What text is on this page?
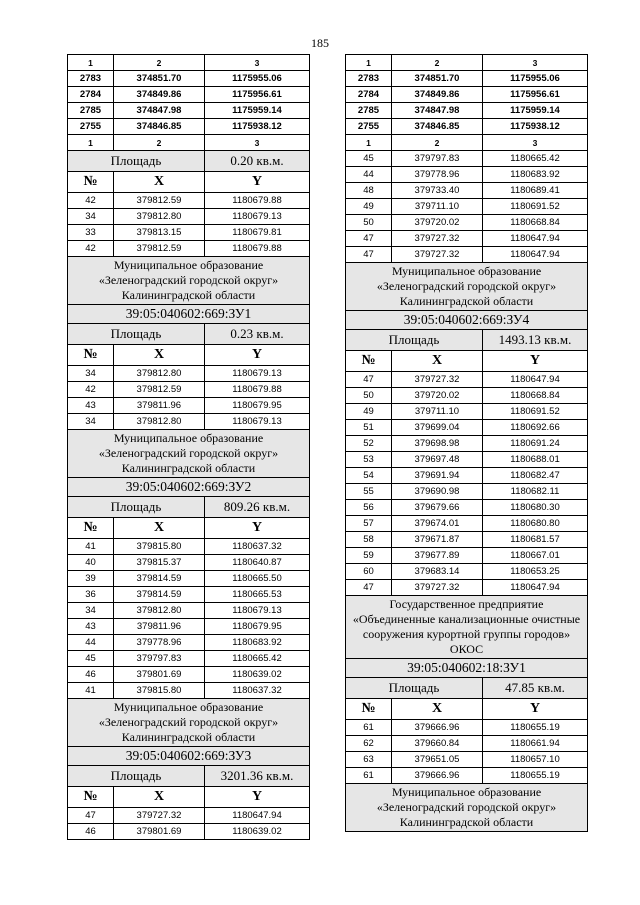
185
1	2	3
2783	374851.70	1175955.06
2784	374849.86	1175956.61
2785	374847.98	1175959.14
2755	374846.85	1175938.12
1	2	3
Площадь		0.20 кв.м.
№	X	Y
42	379812.59	1180679.88
34	379812.80	1180679.13
33	379813.15	1180679.81
42	379812.59	1180679.88
Муниципальное образование «Зеленоградский городской округ» Калининградской области		
39:05:040602:669:ЗУ1		
Площадь		0.23 кв.м.
№	X	Y
34	379812.80	1180679.13
42	379812.59	1180679.88
43	379811.96	1180679.95
34	379812.80	1180679.13
Муниципальное образование «Зеленоградский городской округ» Калининградской области		
39:05:040602:669:ЗУ2		
Площадь		809.26 кв.м.
№	X	Y
41	379815.80	1180637.32
40	379815.37	1180640.87
39	379814.59	1180665.50
36	379814.59	1180665.53
34	379812.80	1180679.13
43	379811.96	1180679.95
44	379778.96	1180683.92
45	379797.83	1180665.42
46	379801.69	1180639.02
41	379815.80	1180637.32
Муниципальное образование «Зеленоградский городской округ» Калининградской области		
39:05:040602:669:ЗУ3		
Площадь		3201.36 кв.м.
№	X	Y
47	379727.32	1180647.94
46	379801.69	1180639.02
1	2	3
2783	374851.70	1175955.06
2784	374849.86	1175956.61
2785	374847.98	1175959.14
2755	374846.85	1175938.12
1	2	3
45	379797.83	1180665.42
44	379778.96	1180683.92
48	379733.40	1180689.41
49	379711.10	1180691.52
50	379720.02	1180668.84
47	379727.32	1180647.94
47	379727.32	1180647.94
Муниципальное образование «Зеленоградский городской округ» Калининградской области		
39:05:040602:669:ЗУ4		
Площадь		1493.13 кв.м.
№	X	Y
47	379727.32	1180647.94
50	379720.02	1180668.84
49	379711.10	1180691.52
51	379699.04	1180692.66
52	379698.98	1180691.24
53	379697.48	1180688.01
54	379691.94	1180682.47
55	379690.98	1180682.11
56	379679.66	1180680.30
57	379674.01	1180680.80
58	379671.87	1180681.57
59	379677.89	1180667.01
60	379683.14	1180653.25
47	379727.32	1180647.94
Государственное предприятие «Объединенные канализационные очистные сооружения курортной группы городов» ОКОС		
39:05:040602:18:ЗУ1		
Площадь		47.85 кв.м.
№	X	Y
61	379666.96	1180655.19
62	379660.84	1180661.94
63	379651.05	1180657.10
61	379666.96	1180655.19
Муниципальное образование «Зеленоградский городской округ» Калининградской области		
